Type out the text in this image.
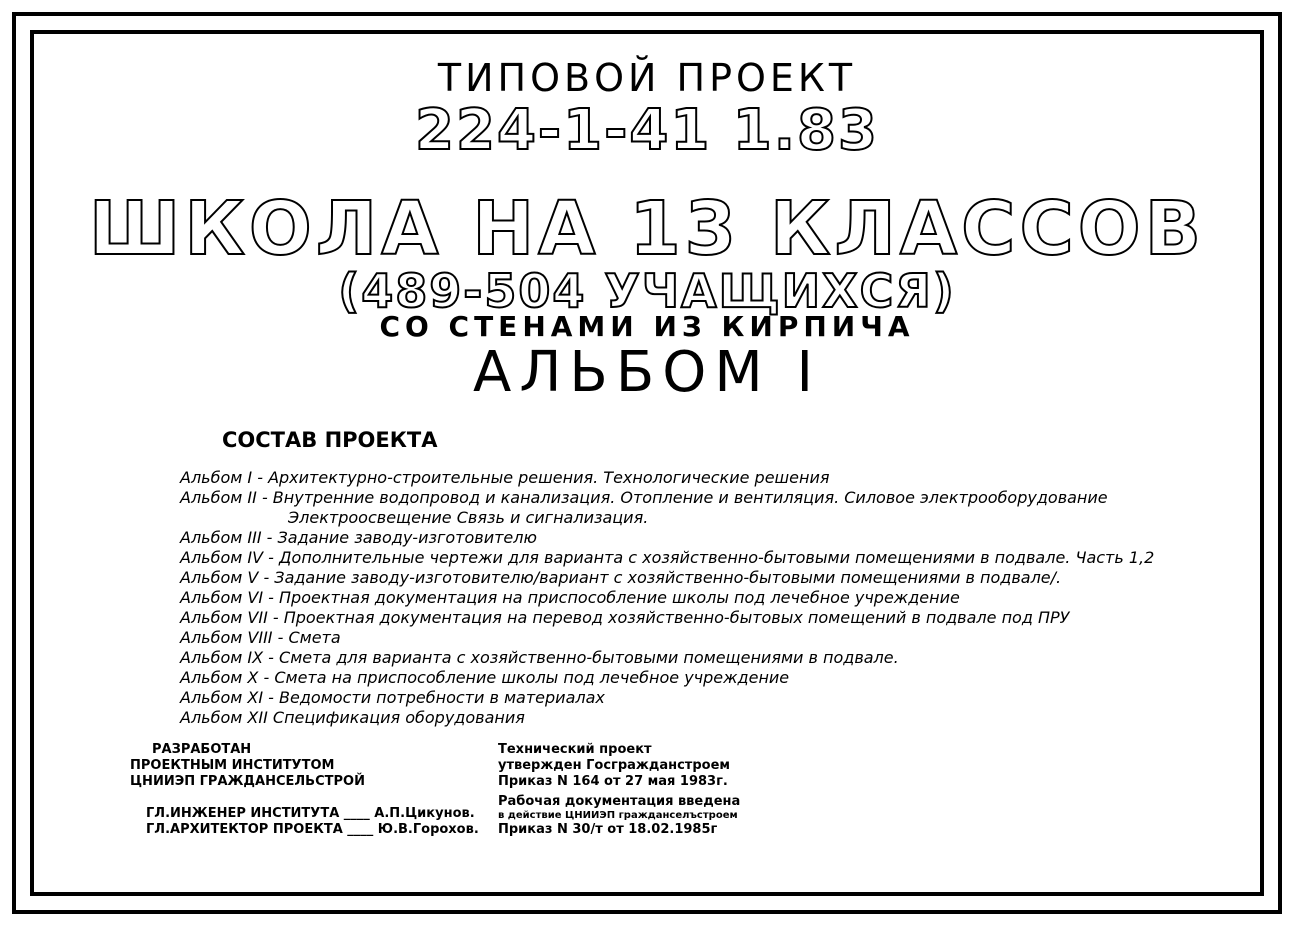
ТИПОВОЙ ПРОЕКТ
224-1-41 1.83
ШКОЛА НА 13 КЛАССОВ
(489-504 УЧАЩИХСЯ)
СО СТЕНАМИ ИЗ КИРПИЧА
АЛЬБОМ I
СОСТАВ ПРОЕКТА
Альбом I - Архитектурно-строительные решения. Технологические решения
Альбом II - Внутренние водопровод и канализация. Отопление и вентиляция. Силовое электрооборудование
Электроосвещение Связь и сигнализация.
Альбом III - Задание заводу-изготовителю
Альбом IV - Дополнительные чертежи для варианта с хозяйственно-бытовыми помещениями в подвале. Часть 1,2
Альбом V - Задание заводу-изготовителю/вариант с хозяйственно-бытовыми помещениями в подвале/.
Альбом VI - Проектная документация на приспособление школы под лечебное учреждение
Альбом VII - Проектная документация на перевод хозяйственно-бытовых помещений в подвале под ПРУ
Альбом VIII - Смета
Альбом IX - Смета для варианта с хозяйственно-бытовыми помещениями в подвале.
Альбом X - Смета на приспособление школы под лечебное учреждение
Альбом XI - Ведомости потребности в материалах
Альбом XII Спецификация оборудования
РАЗРАБОТАН
ПРОЕКТНЫМ ИНСТИТУТОМ
ЦНИИЭП ГРАЖДАНСЕЛЬСТРОЙ
ГЛ.ИНЖЕНЕР ИНСТИТУТА ____ А.П.Цикунов.
ГЛ.АРХИТЕКТОР ПРОЕКТА ____ Ю.В.Горохов.
Технический проект
утвержден Госгражданстроем
Приказ N 164 от 27 мая 1983г.
Рабочая документация введена
в действие ЦНИИЭП гражданселъстроем
Приказ N 30/т от 18.02.1985г
